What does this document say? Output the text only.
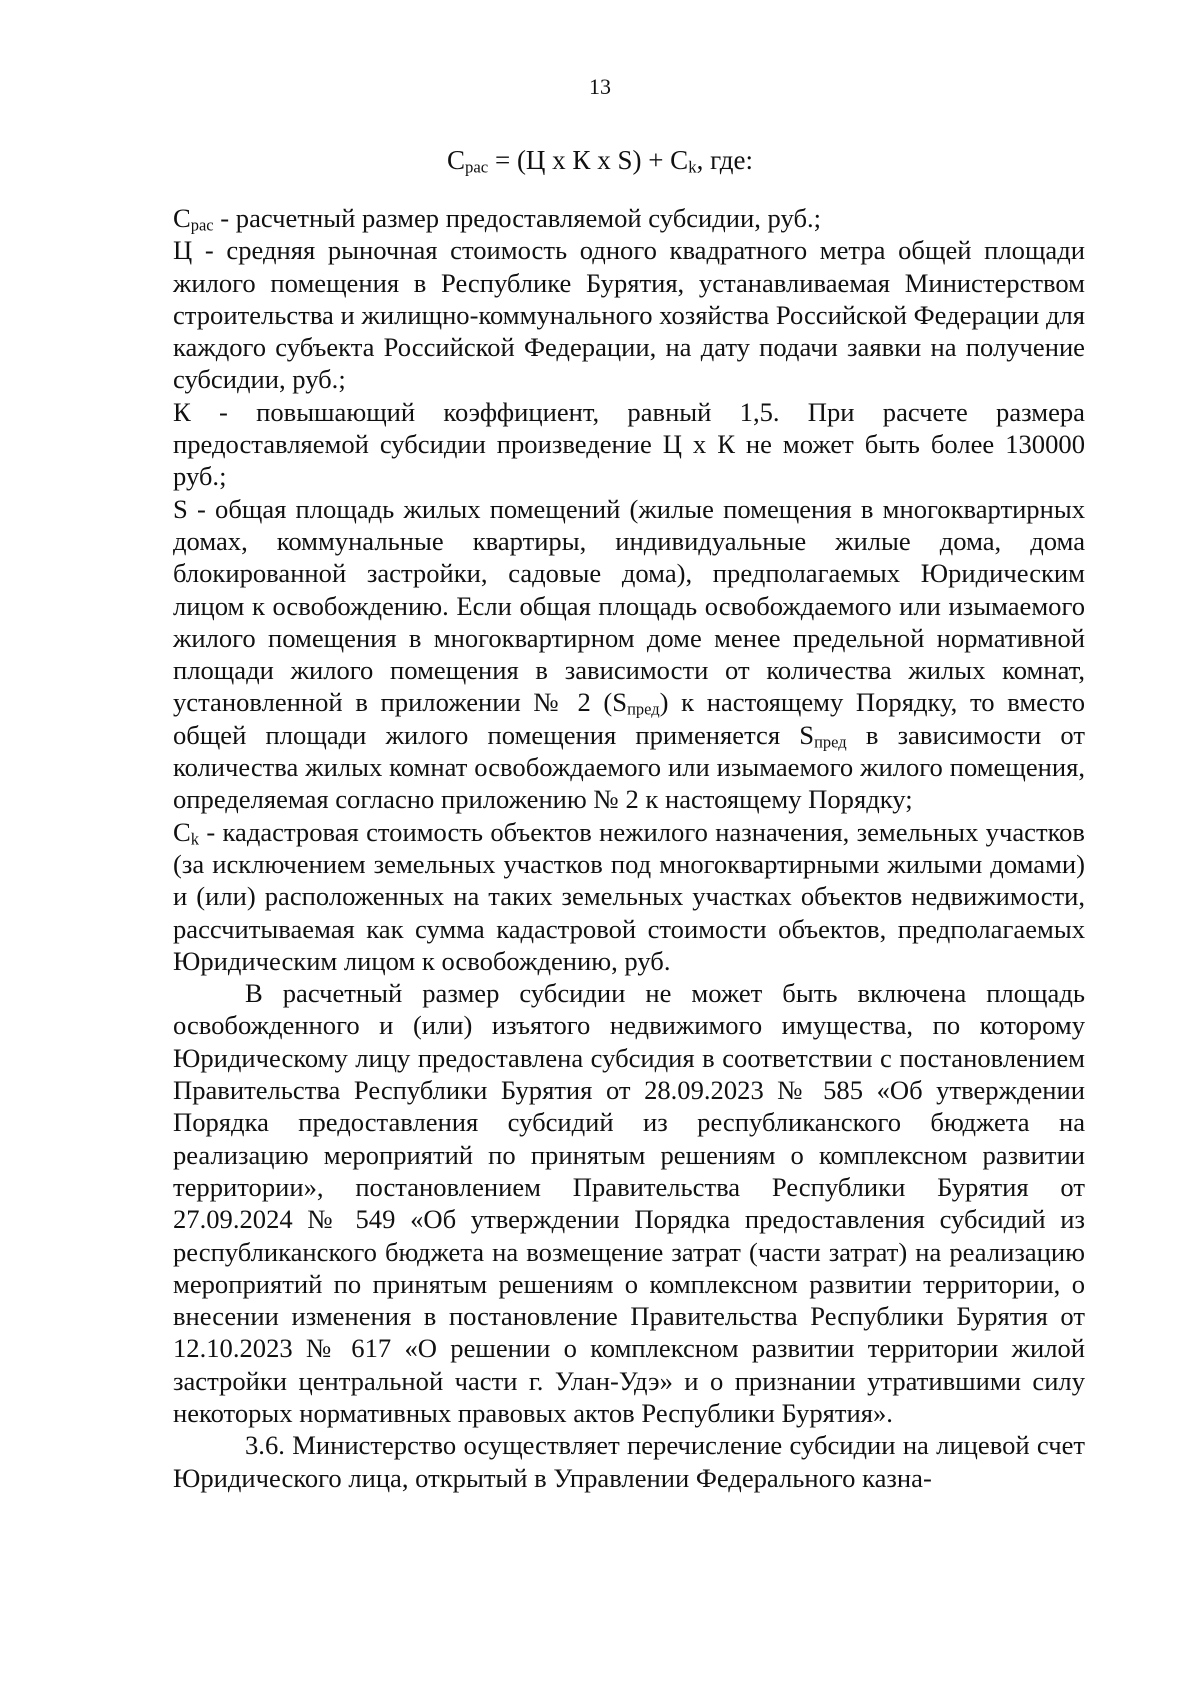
13
$С_{рас} = (Ц$ х К х $S) + С_k$, где:

$С_{рас}$ - расчетный размер предоставляемой субсидии, руб.;

Ц - средняя рыночная стоимость одного квадратного метра общей площади жилого помещения в Республике Бурятия, устанавливаемая Министерством строительства и жилищно-коммунального хозяйства Российской Федерации для каждого субъекта Российской Федерации, на дату подачи заявки на получение субсидии, руб.;

К - повышающий коэффициент, равный 1,5. При расчете размера предоставляемой субсидии произведение Ц х К не может быть более 130000 руб.;

S - общая площадь жилых помещений (жилые помещения в многоквартирных домах, коммунальные квартиры, индивидуальные жилые дома, дома блокированной застройки, садовые дома), предполагаемых Юридическим лицом к освобождению. Если общая площадь освобождаемого или изымаемого жилого помещения в многоквартирном доме менее предельной нормативной площади жилого помещения в зависимости от количества жилых комнат, установленной в приложении № 2 $(S_{пред})$ к настоящему Порядку, то вместо общей площади жилого помещения применяется $S_{пред}$ в зависимости от количества жилых комнат освобождаемого или изымаемого жилого помещения, определяемая согласно приложению № 2 к настоящему Порядку;

$С_k$ - кадастровая стоимость объектов нежилого назначения, земельных участков (за исключением земельных участков под многоквартирными жилыми домами) и (или) расположенных на таких земельных участках объектов недвижимости, рассчитываемая как сумма кадастровой стоимости объектов, предполагаемых Юридическим лицом к освобождению, руб.

В расчетный размер субсидии не может быть включена площадь освобожденного и (или) изъятого недвижимого имущества, по которому Юридическому лицу предоставлена субсидия в соответствии с постановлением Правительства Республики Бурятия от 28.09.2023 № 585 «Об утверждении Порядка предоставления субсидий из республиканского бюджета на реализацию мероприятий по принятым решениям о комплексном развитии территории», постановлением Правительства Республики Бурятия от 27.09.2024 № 549 «Об утверждении Порядка предоставления субсидий из республиканского бюджета на возмещение затрат (части затрат) на реализацию мероприятий по принятым решениям о комплексном развитии территории, о внесении изменения в постановление Правительства Республики Бурятия от 12.10.2023 № 617 «О решении о комплексном развитии территории жилой застройки центральной части г. Улан-Удэ» и о признании утратившими силу некоторых нормативных правовых актов Республики Бурятия».

3.6. Министерство осуществляет перечисление субсидии на лицевой счет Юридического лица, открытый в Управлении Федерального казна-
